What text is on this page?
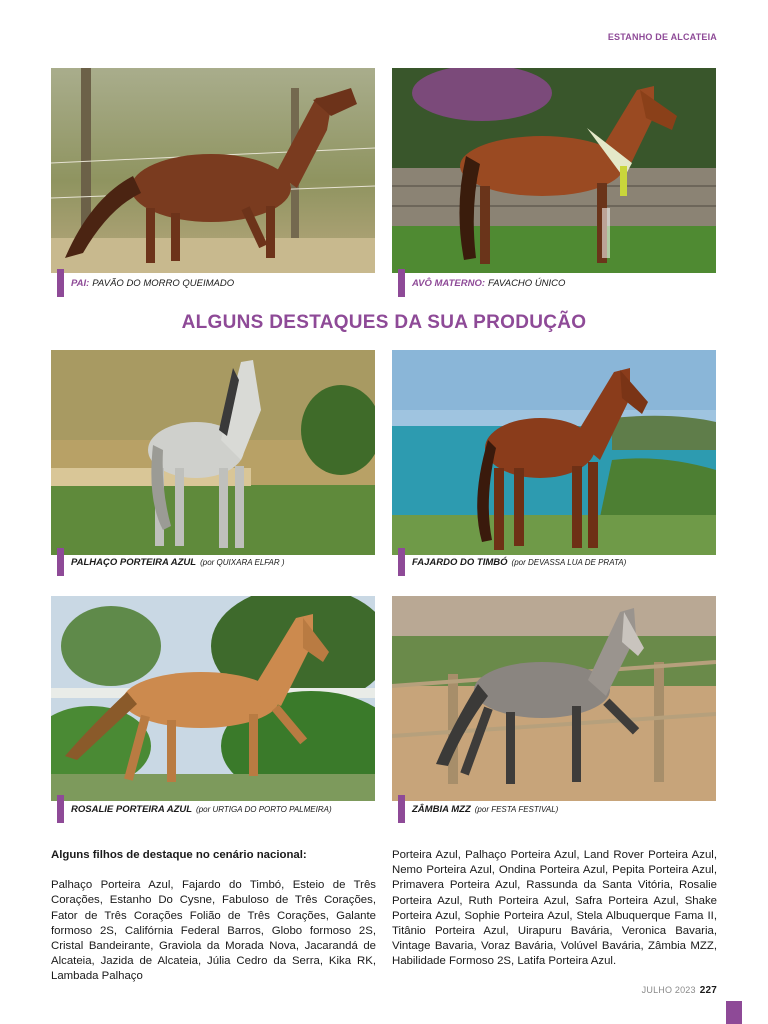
ESTANHO DE ALCATEIA
PAI: PAVÃO DO MORRO QUEIMADO	AVÔ MATERNO: FAVACHO ÚNICO
ALGUNS DESTAQUES DA SUA PRODUÇÃO
PALHAÇO PORTEIRA AZUL (por QUIXARA ELFAR )	FAJARDO DO TIMBÓ (por DEVASSA LUA DE PRATA)
ROSALIE PORTEIRA AZUL (por URTIGA DO PORTO PALMEIRA)	ZÂMBIA MZZ (por FESTA FESTIVAL)
Alguns filhos de destaque no cenário nacional:

Palhaço Porteira Azul, Fajardo do Timbó, Esteio de Três Corações, Estanho Do Cysne, Fabuloso de Três Corações, Fator de Três Corações Folião de Três Corações, Galante formoso 2S, Califórnia Federal Barros, Globo formoso 2S, Cristal Bandeirante, Graviola da Morada Nova, Jacarandá de Alcateia, Jazida de Alcateia, Júlia Cedro da Serra, Kika RK, Lambada Palhaço

Porteira Azul, Palhaço Porteira Azul, Land Rover Porteira Azul, Nemo Porteira Azul, Ondina Porteira Azul, Pepita Porteira Azul, Primavera Porteira Azul, Rassunda da Santa Vitória, Rosalie Porteira Azul, Ruth Porteira Azul, Safra Porteira Azul, Shake Porteira Azul, Sophie Porteira Azul, Stela Albuquerque Fama II, Titânio Porteira Azul, Uirapuru Bavária, Veronica Bavaria, Vintage Bavaria, Voraz Bavária, Volúvel Bavária, Zâmbia MZZ, Habilidade Formoso 2S, Latifa Porteira Azul.

JULHO 2023 227
